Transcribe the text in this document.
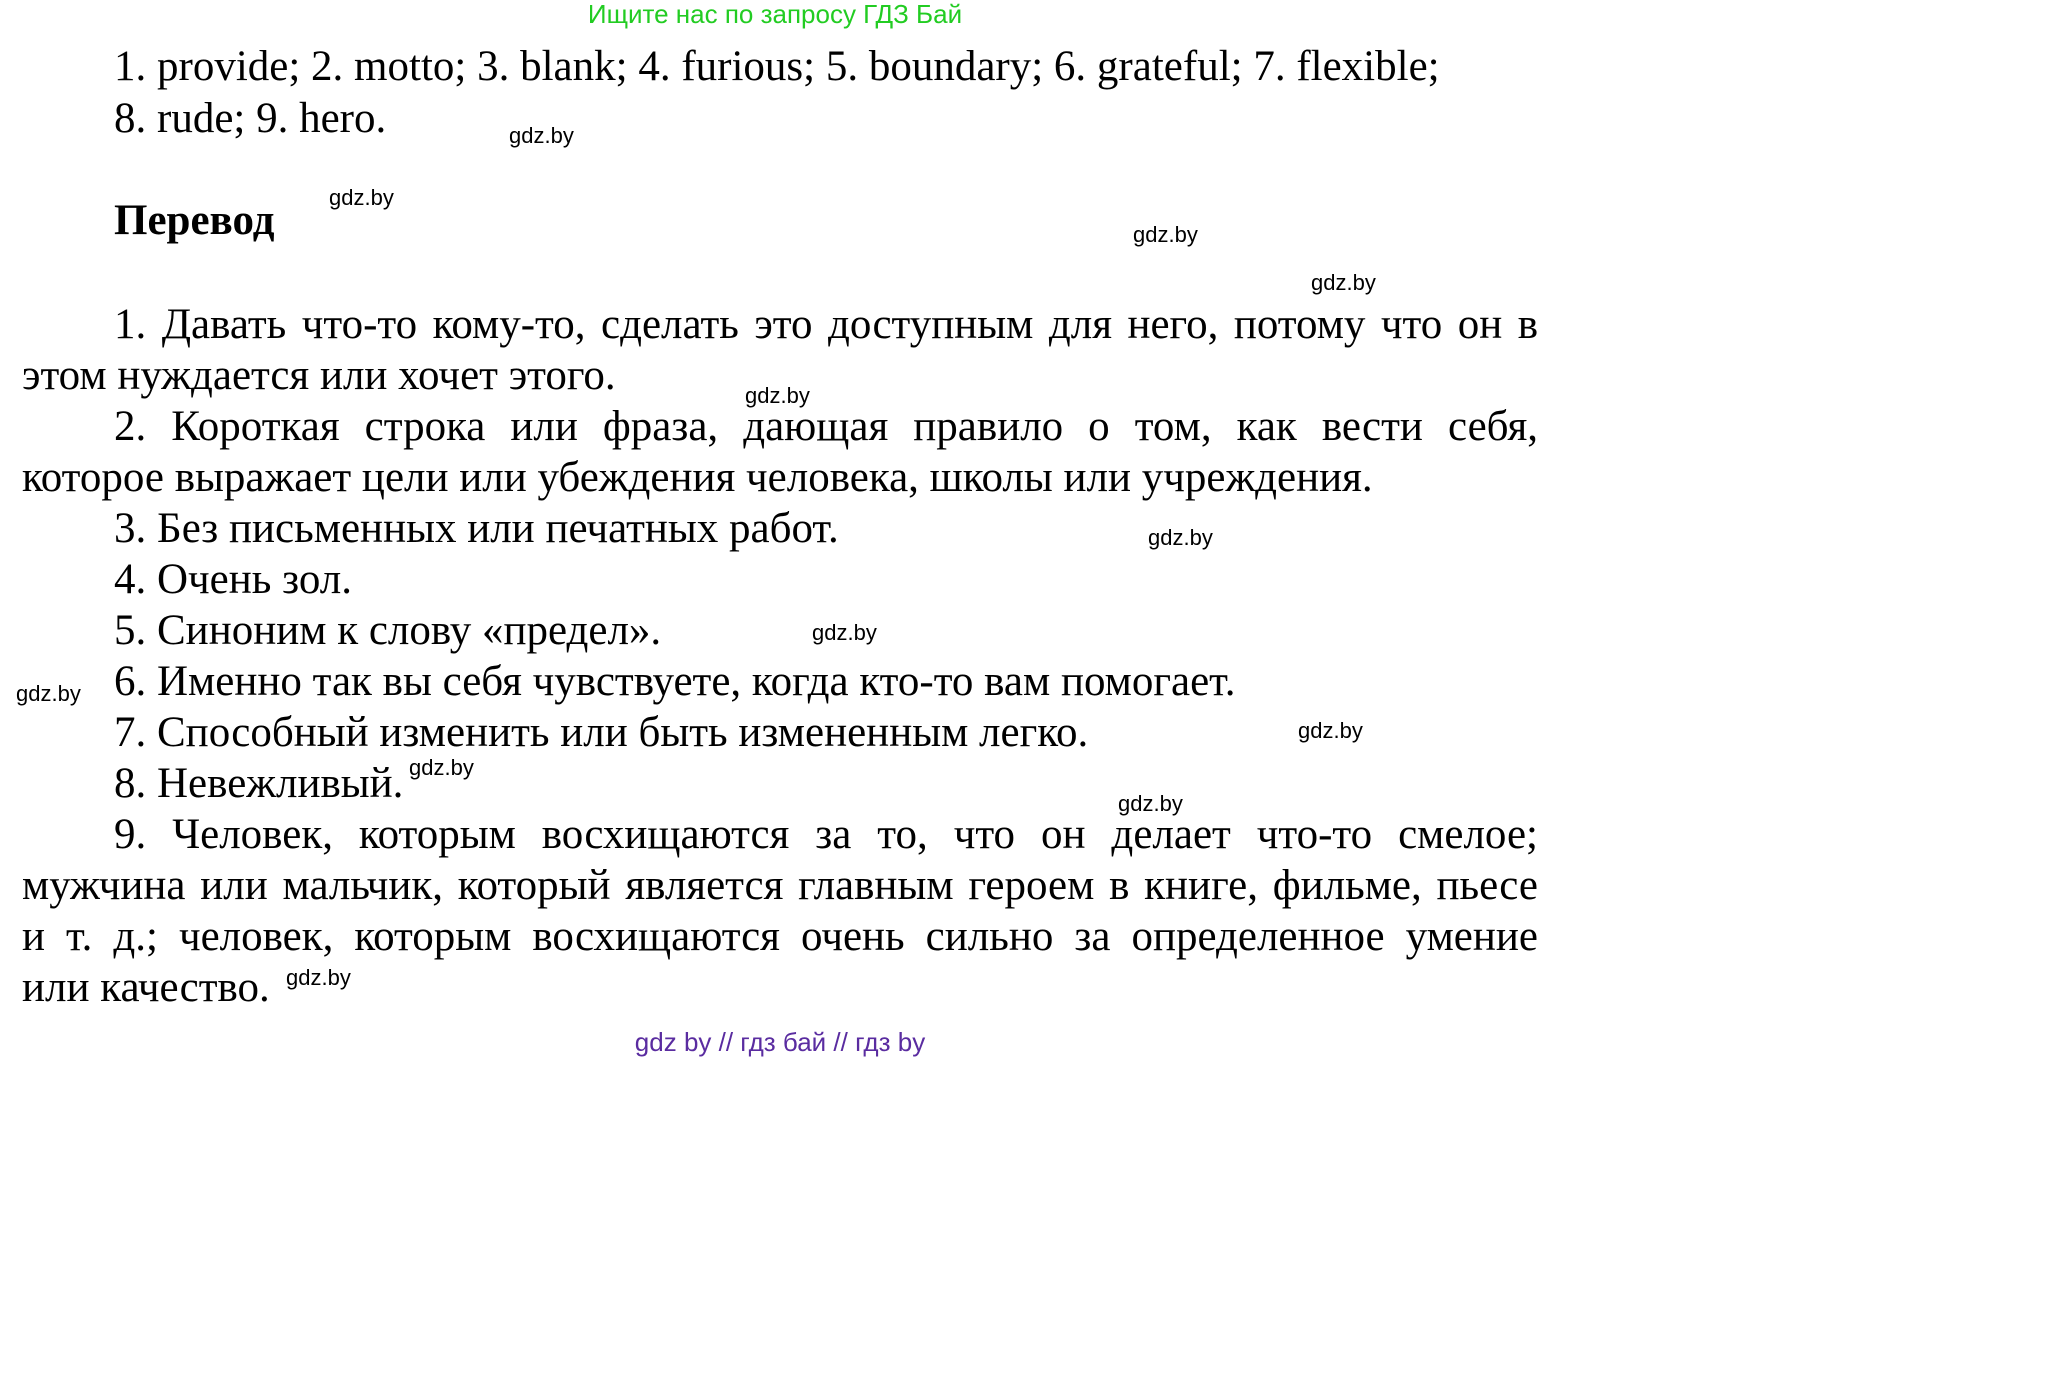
Ищите нас по запросу ГДЗ Бай
1. provide; 2. motto; 3. blank; 4. furious; 5. boundary; 6. grateful; 7. flexible;
8. rude; 9. hero.
Перевод
1. Давать что-то кому-то, сделать это доступным для него, потому что он в
этом нуждается или хочет этого.
2. Короткая строка или фраза, дающая правило о том, как вести себя,
которое выражает цели или убеждения человека, школы или учреждения.
3. Без письменных или печатных работ.
4. Очень зол.
5. Синоним к слову «предел».
6. Именно так вы себя чувствуете, когда кто-то вам помогает.
7. Способный изменить или быть измененным легко.
8. Невежливый.
9. Человек, которым восхищаются за то, что он делает что-то смелое;
мужчина или мальчик, который является главным героем в книге, фильме, пьесе
и т. д.; человек, которым восхищаются очень сильно за определенное умение
или качество.
gdz.by
gdz.by
gdz.by
gdz.by
gdz.by
gdz.by
gdz.by
gdz.by
gdz.by
gdz.by
gdz.by
gdz.by
gdz by // гдз бай // гдз by
